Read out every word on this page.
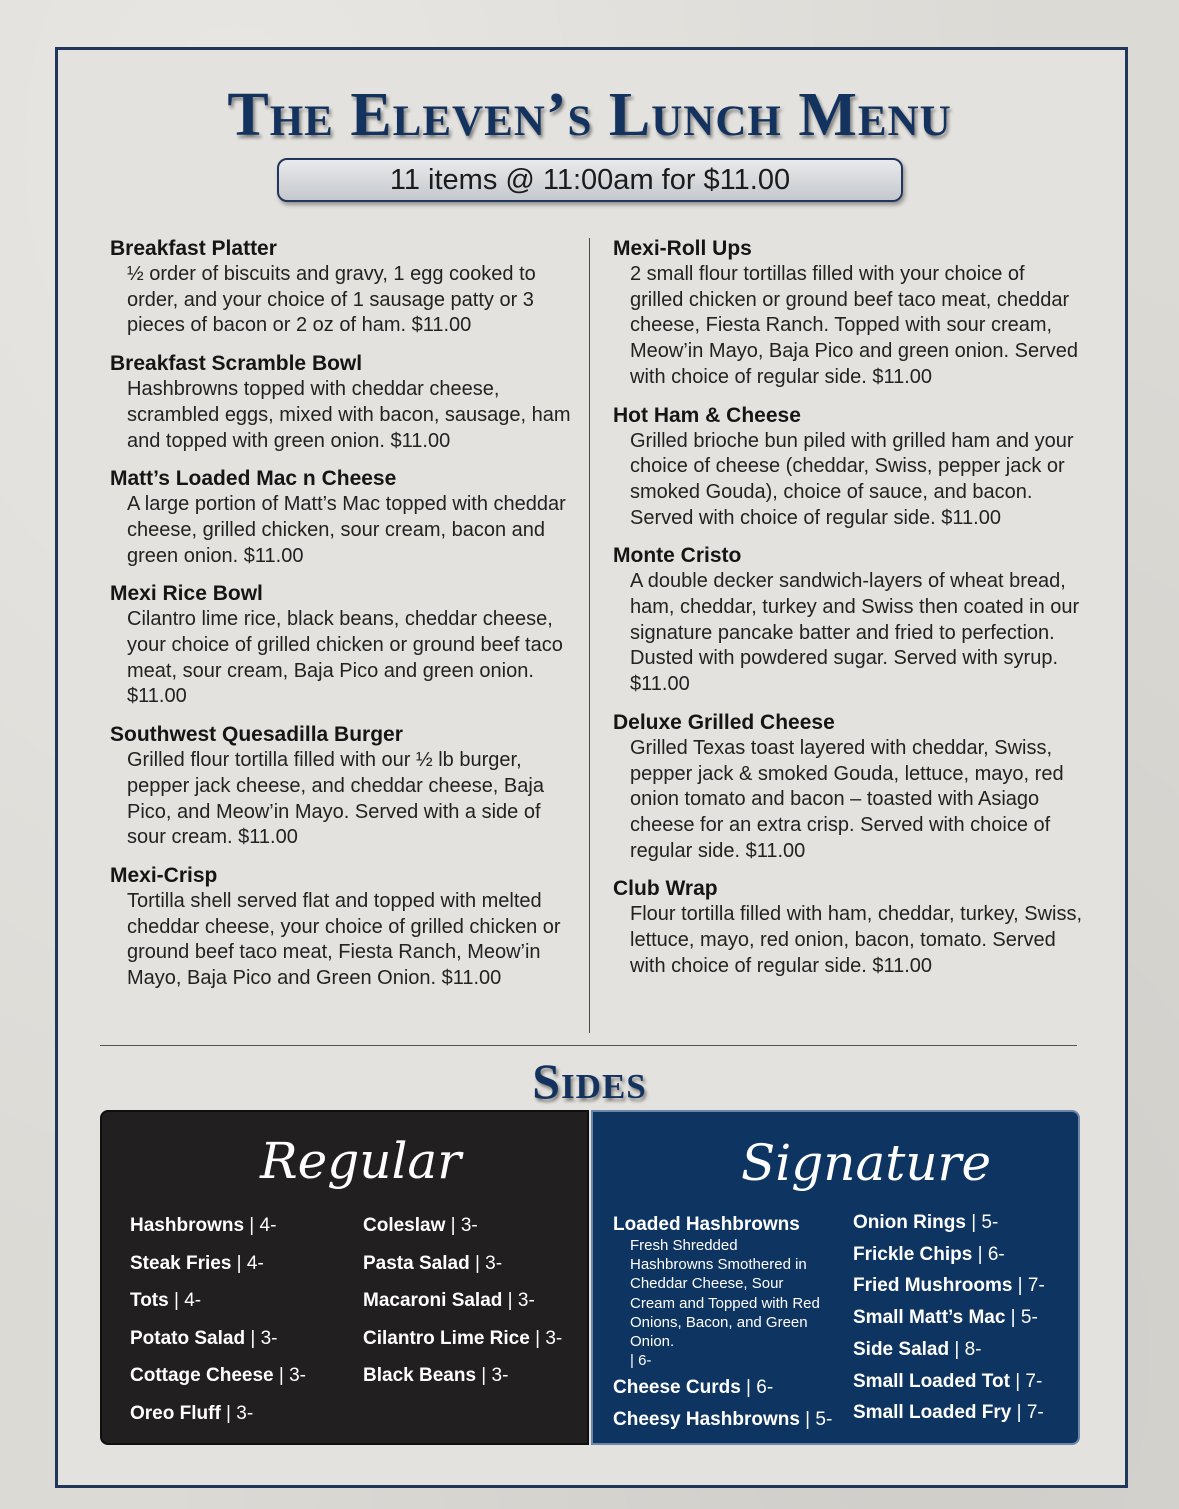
The Eleven’s Lunch Menu
11 items @ 11:00am for $11.00

Breakfast Platter

½ order of biscuits and gravy, 1 egg cooked to order, and your choice of 1 sausage patty or 3 pieces of bacon or 2 oz of ham. $11.00

Breakfast Scramble Bowl

Hashbrowns topped with cheddar cheese, scrambled eggs, mixed with bacon, sausage, ham and topped with green onion. $11.00

Matt’s Loaded Mac n Cheese

A large portion of Matt’s Mac topped with cheddar cheese, grilled chicken, sour cream, bacon and green onion. $11.00

Mexi Rice Bowl

Cilantro lime rice, black beans, cheddar cheese, your choice of grilled chicken or ground beef taco meat, sour cream, Baja Pico and green onion. $11.00

Southwest Quesadilla Burger

Grilled flour tortilla filled with our ½ lb burger, pepper jack cheese, and cheddar cheese, Baja Pico, and Meow’in Mayo. Served with a side of sour cream. $11.00

Mexi-Crisp

Tortilla shell served flat and topped with melted cheddar cheese, your choice of grilled chicken or ground beef taco meat, Fiesta Ranch, Meow’in Mayo, Baja Pico and Green Onion. $11.00

Mexi-Roll Ups

2 small flour tortillas filled with your choice of grilled chicken or ground beef taco meat, cheddar cheese, Fiesta Ranch. Topped with sour cream, Meow’in Mayo, Baja Pico and green onion. Served with choice of regular side. $11.00

Hot Ham & Cheese

Grilled brioche bun piled with grilled ham and your choice of cheese (cheddar, Swiss, pepper jack or smoked Gouda), choice of sauce, and bacon. Served with choice of regular side. $11.00

Monte Cristo

A double decker sandwich-layers of wheat bread, ham, cheddar, turkey and Swiss then coated in our signature pancake batter and fried to perfection. Dusted with powdered sugar. Served with syrup. $11.00

Deluxe Grilled Cheese

Grilled Texas toast layered with cheddar, Swiss, pepper jack & smoked Gouda, lettuce, mayo, red onion tomato and bacon – toasted with Asiago cheese for an extra crisp. Served with choice of regular side. $11.00

Club Wrap

Flour tortilla filled with ham, cheddar, turkey, Swiss, lettuce, mayo, red onion, bacon, tomato. Served with choice of regular side. $11.00

Sides
Regular
Hashbrowns | 4-
Steak Fries | 4-
Tots | 4-
Potato Salad | 3-
Cottage Cheese | 3-
Oreo Fluff | 3-
Coleslaw | 3-
Pasta Salad | 3-
Macaroni Salad | 3-
Cilantro Lime Rice | 3-
Black Beans | 3-
Signature
Loaded Hashbrowns
Fresh Shredded Hashbrowns Smothered in Cheddar Cheese, Sour Cream and Topped with Red Onions, Bacon, and Green Onion.
| 6-
Cheese Curds | 6-
Cheesy Hashbrowns | 5-
Onion Rings | 5-
Frickle Chips | 6-
Fried Mushrooms | 7-
Small Matt’s Mac | 5-
Side Salad | 8-
Small Loaded Tot | 7-
Small Loaded Fry | 7-
